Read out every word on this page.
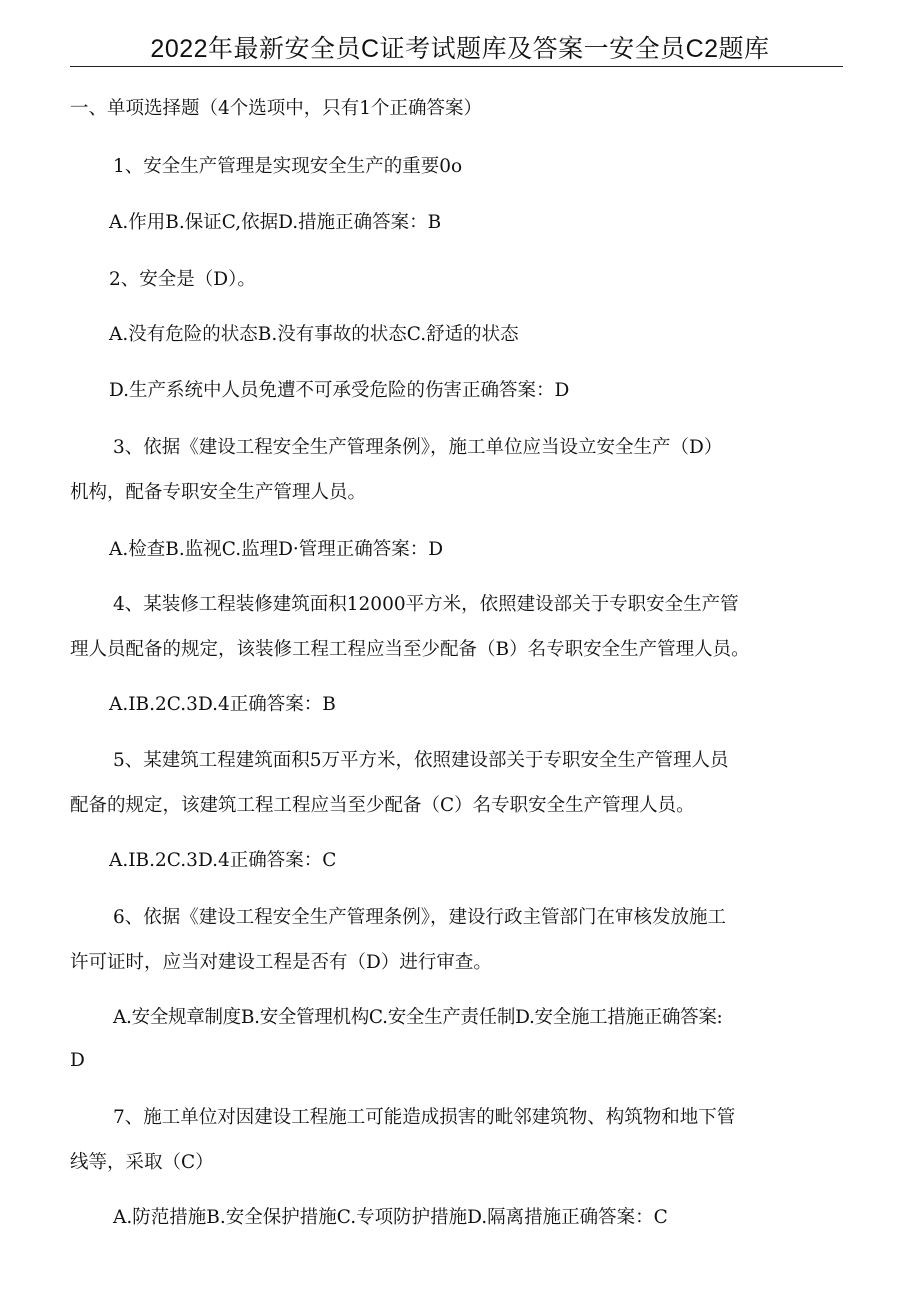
2022年最新安全员C证考试题库及答案一安全员C2题库
一、单项选择题（4个选项中，只有1个正确答案）
1、安全生产管理是实现安全生产的重要0o
A.作用B.保证C,依据D.措施正确答案：B
2、安全是（D）。
A.没有危险的状态B.没有事故的状态C.舒适的状态
D.生产系统中人员免遭不可承受危险的伤害正确答案：D
3、依据《建设工程安全生产管理条例》，施工单位应当设立安全生产（D）
机构，配备专职安全生产管理人员。
A.检查B.监视C.监理D·管理正确答案：D
4、某装修工程装修建筑面积12000平方米，依照建设部关于专职安全生产管
理人员配备的规定，该装修工程工程应当至少配备（B）名专职安全生产管理人员。
A.IB.2C.3D.4正确答案：B
5、某建筑工程建筑面积5万平方米，依照建设部关于专职安全生产管理人员
配备的规定，该建筑工程工程应当至少配备（C）名专职安全生产管理人员。
A.IB.2C.3D.4正确答案：C
6、依据《建设工程安全生产管理条例》，建设行政主管部门在审核发放施工
许可证时，应当对建设工程是否有（D）进行审查。
A.安全规章制度B.安全管理机构C.安全生产责任制D.安全施工措施正确答案:
D
7、施工单位对因建设工程施工可能造成损害的毗邻建筑物、构筑物和地下管
线等，采取（C）
A.防范措施B.安全保护措施C.专项防护措施D.隔离措施正确答案：C
